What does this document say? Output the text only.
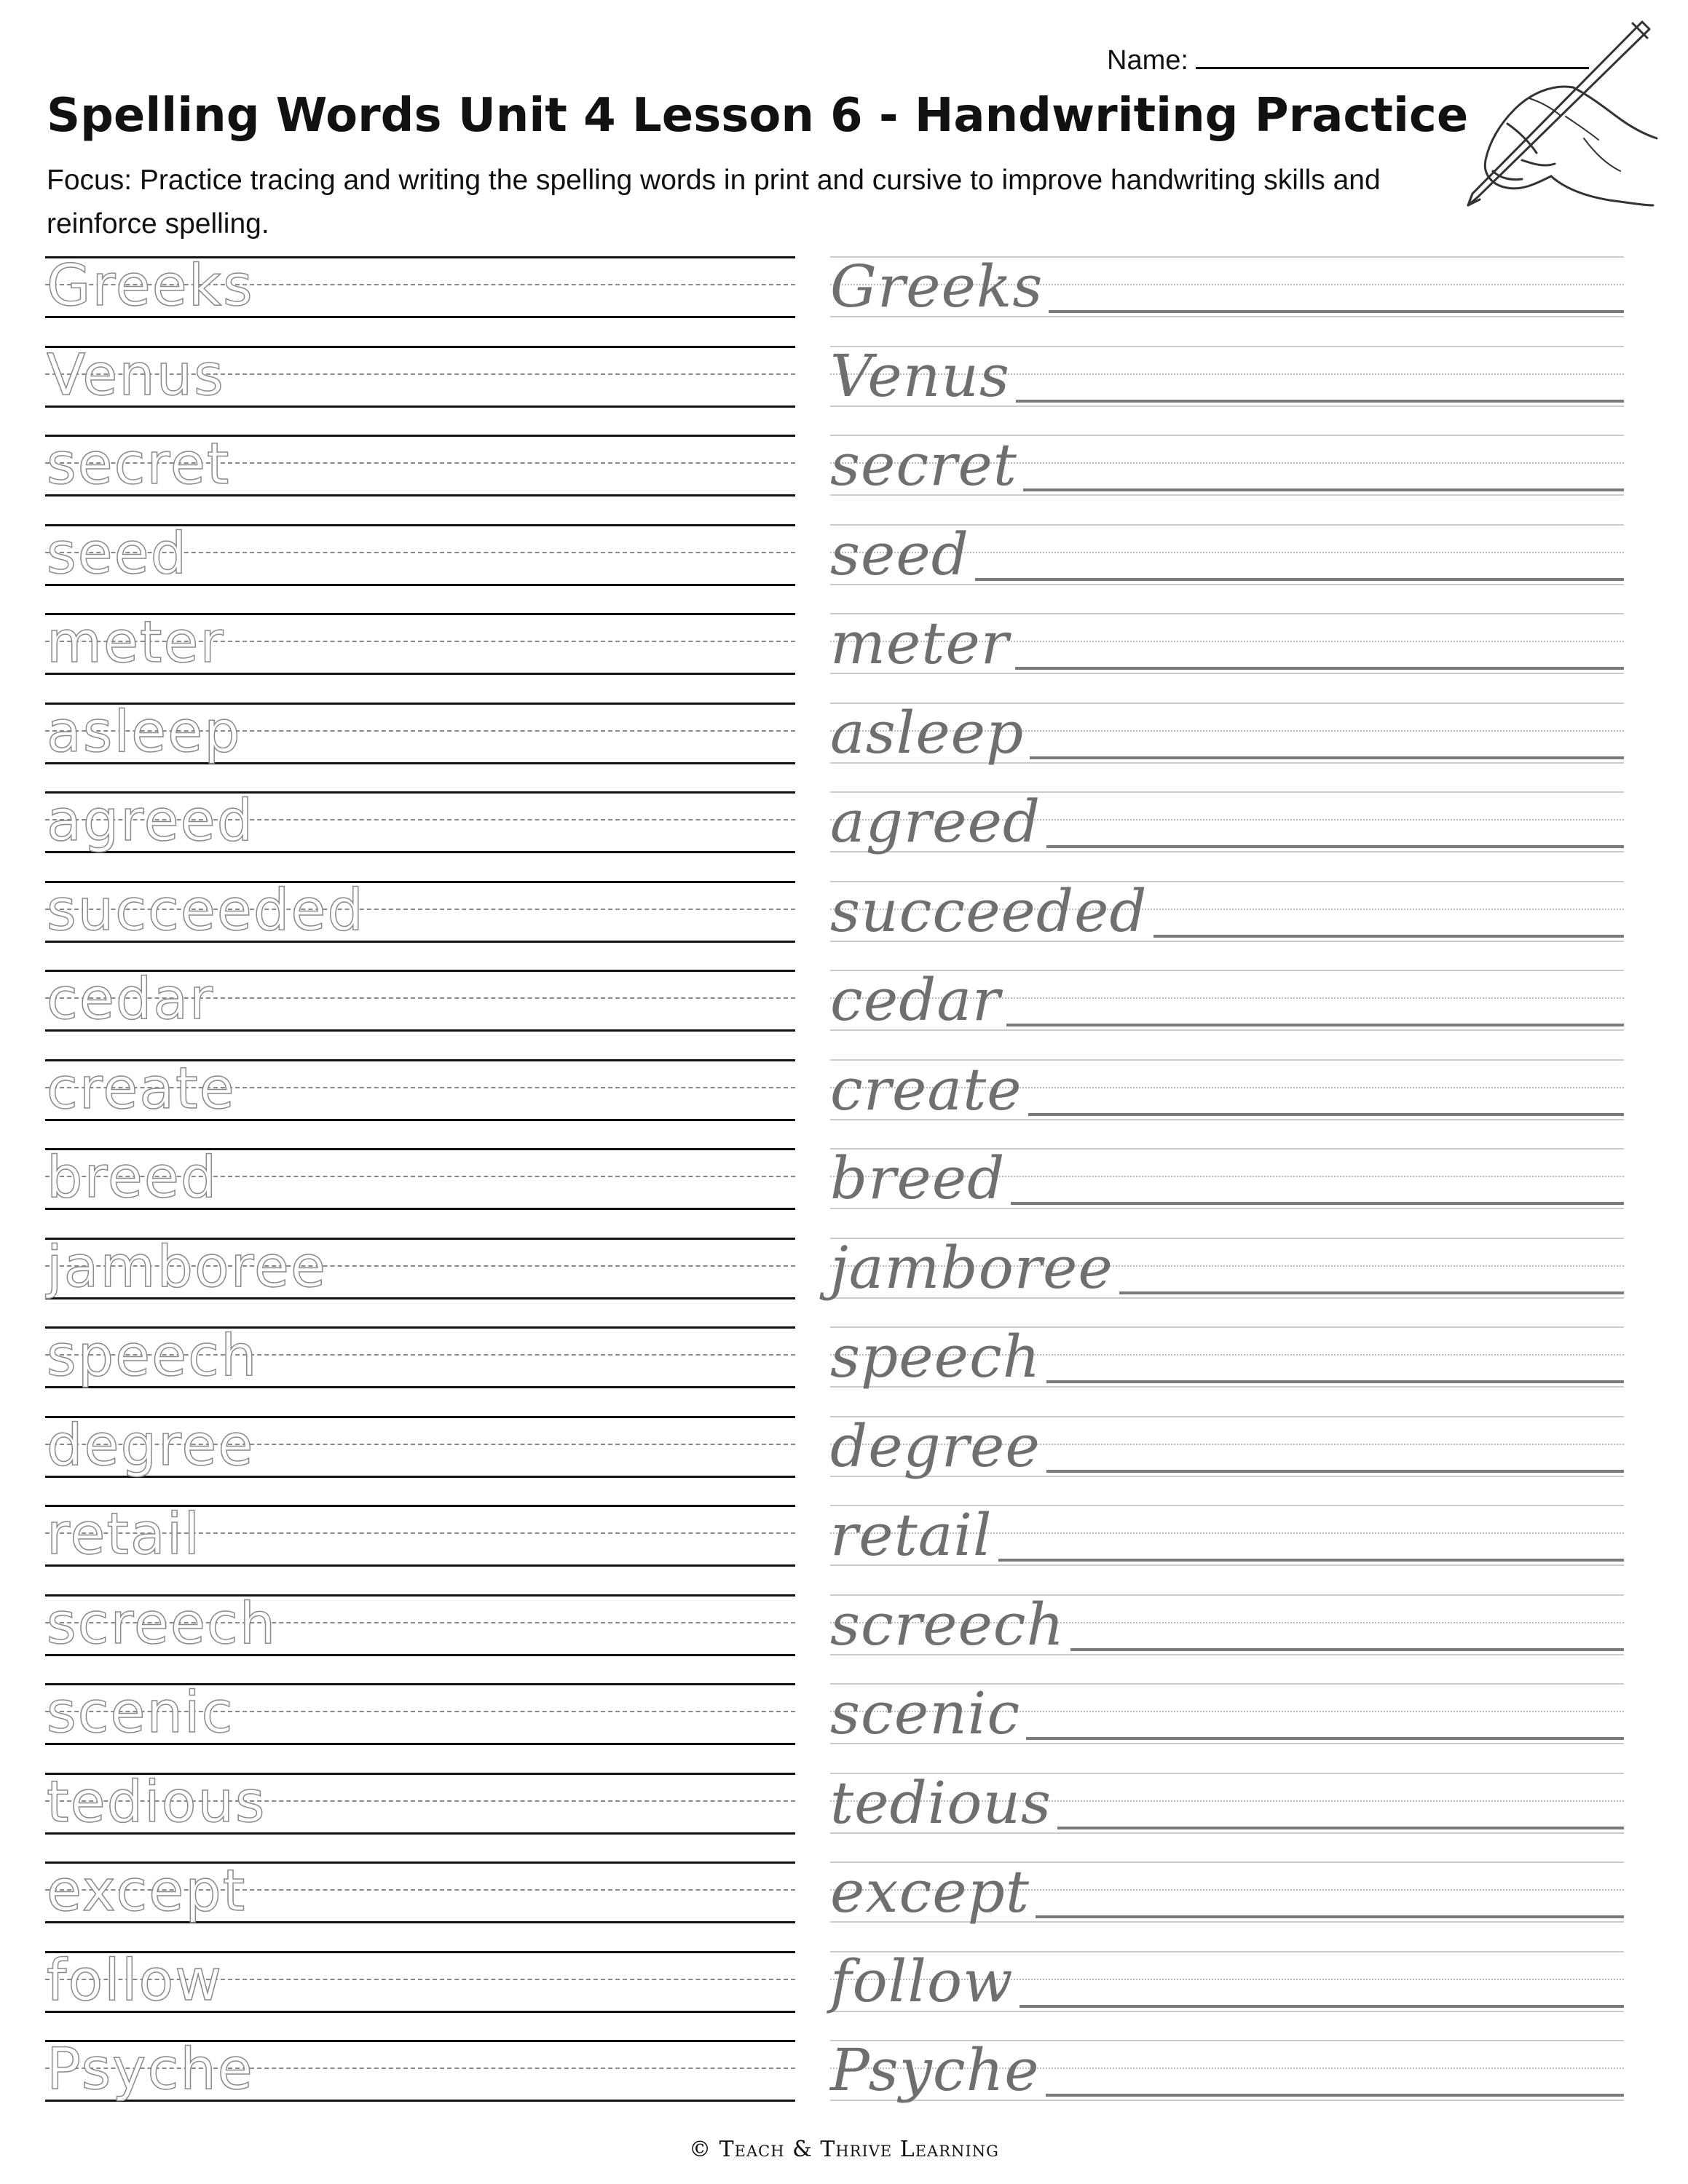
Name:
Spelling Words Unit 4 Lesson 6 - Handwriting Practice
Focus: Practice tracing and writing the spelling words in print and cursive to improve handwriting skills and reinforce spelling.
Greeks	Greeks
Venus	Venus
secret	secret
seed	seed
meter	meter
asleep	asleep
agreed	agreed
succeeded	succeeded
cedar	cedar
create	create
breed	breed
jamboree	jamboree
speech	speech
degree	degree
retail	retail
screech	screech
scenic	scenic
tedious	tedious
except	except
follow	follow
Psyche	Psyche
© Teach & Thrive Learning
